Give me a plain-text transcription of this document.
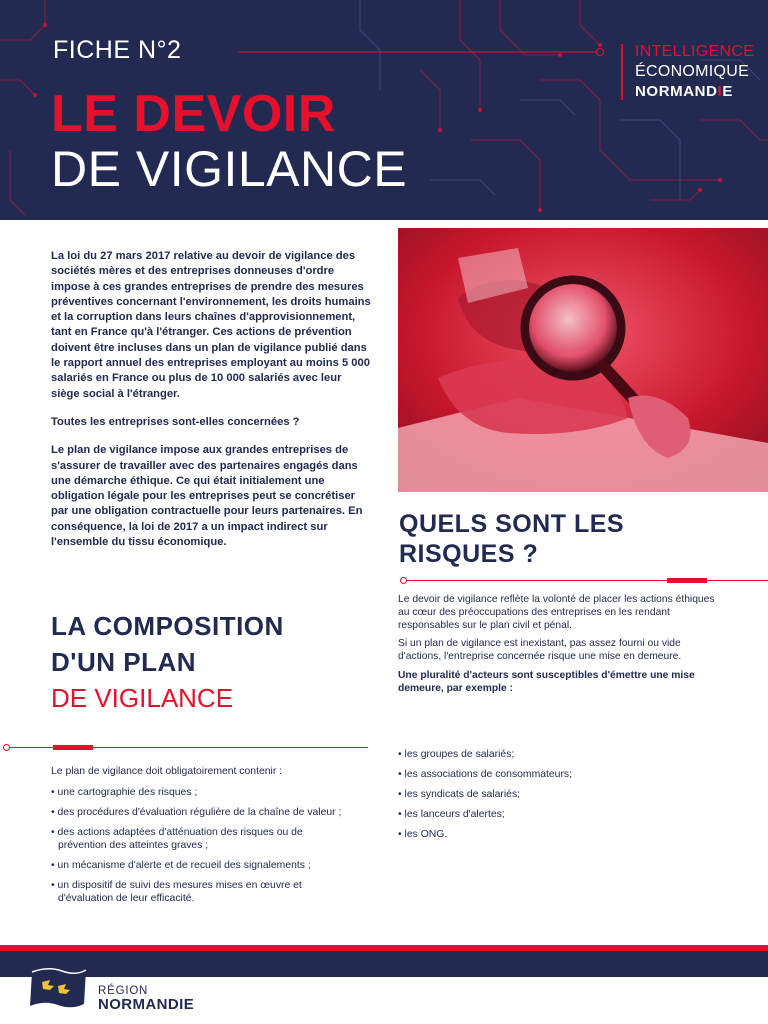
FICHE N°2
LE DEVOIR
DE VIGILANCE
INTELLIGENCE
ÉCONOMIQUE
NORMANDIE

La loi du 27 mars 2017 relative au devoir de vigilance des sociétés mères et des entreprises donneuses d'ordre impose à ces grandes entreprises de prendre des mesures préventives concernant l'environnement, les droits humains et la corruption dans leurs chaînes d'approvisionnement, tant en France qu'à l'étranger. Ces actions de prévention doivent être incluses dans un plan de vigilance publié dans le rapport annuel des entreprises employant au moins 5 000 salariés en France ou plus de 10 000 salariés avec leur siège social à l'étranger.

Toutes les entreprises sont-elles concernées ?

Le plan de vigilance impose aux grandes entreprises de s'assurer de travailler avec des partenaires engagés dans une démarche éthique. Ce qui était initialement une obligation légale pour les entreprises peut se concrétiser par une obligation contractuelle pour leurs partenaires. En conséquence, la loi de 2017 a un impact indirect sur l'ensemble du tissu économique.

LA COMPOSITION
D'UN PLAN
DE VIGILANCE
Le plan de vigilance doit obligatoirement contenir :
• une cartographie des risques ;
• des procédures d'évaluation régulière de la chaîne de valeur ;
• des actions adaptées d'atténuation des risques ou de prévention des atteintes graves ;
• un mécanisme d'alerte et de recueil des signalements ;
• un dispositif de suivi des mesures mises en œuvre et d'évaluation de leur efficacité.
QUELS SONT LES
RISQUES ?

Le devoir de vigilance reflète la volonté de placer les actions éthiques au cœur des préoccupations des entreprises en les rendant responsables sur le plan civil et pénal.

Si un plan de vigilance est inexistant, pas assez fourni ou vide d'actions, l'entreprise concernée risque une mise en demeure.

Une pluralité d'acteurs sont susceptibles d'émettre une mise demeure, par exemple :

• les groupes de salariés;
• les associations de consommateurs;
• les syndicats de salariés;
• les lanceurs d'alertes;
• les ONG.
RÉGION
NORMANDIE
